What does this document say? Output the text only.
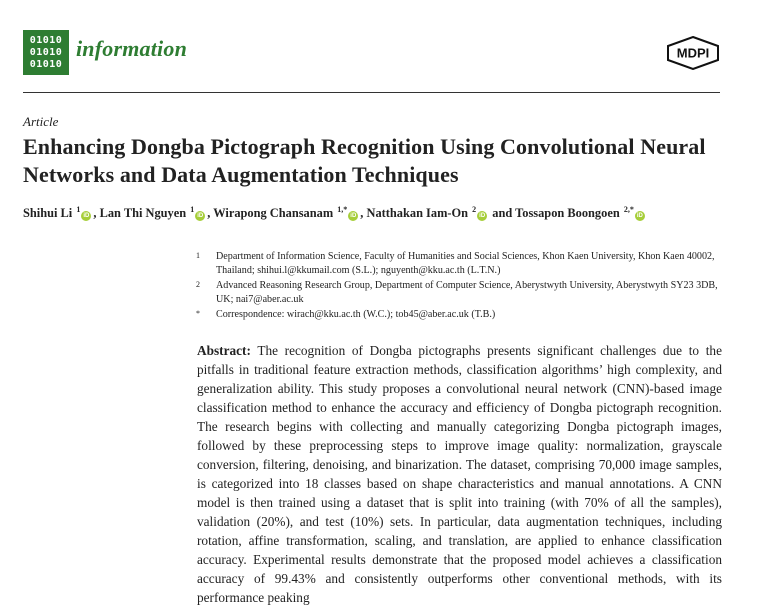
01010
01010
01010
information	MDPI
Article
Enhancing Dongba Pictograph Recognition Using Convolutional Neural Networks and Data Augmentation Techniques
Shihui Li $^1$iD , Lan Thi Nguyen $^1$iD , Wirapong Chansanam $^{1,*}$iD , Natthakan Iam-On $^2$iD and Tossapon Boongoen $^{2,*}$iD
1 Department of Information Science, Faculty of Humanities and Social Sciences, Khon Kaen University, Khon Kaen 40002, Thailand; shihui.l@kkumail.com (S.L.); nguyenth@kku.ac.th (L.T.N.)
2 Advanced Reasoning Research Group, Department of Computer Science, Aberystwyth University, Aberystwyth SY23 3DB, UK; nai7@aber.ac.uk
* Correspondence: wirach@kku.ac.th (W.C.); tob45@aber.ac.uk (T.B.)

Abstract: The recognition of Dongba pictographs presents significant challenges due to the pitfalls in traditional feature extraction methods, classification algorithms’ high complexity, and generalization ability. This study proposes a convolutional neural network (CNN)-based image classification method to enhance the accuracy and efficiency of Dongba pictograph recognition. The research begins with collecting and manually categorizing Dongba pictograph images, followed by these preprocessing steps to improve image quality: normalization, grayscale conversion, filtering, denoising, and binarization. The dataset, comprising 70,000 image samples, is categorized into 18 classes based on shape characteristics and manual annotations. A CNN model is then trained using a dataset that is split into training (with 70% of all the samples), validation (20%), and test (10%) sets. In particular, data augmentation techniques, including rotation, affine transformation, scaling, and translation, are applied to enhance classification accuracy. Experimental results demonstrate that the proposed model achieves a classification accuracy of 99.43% and consistently outperforms other conventional methods, with its performance peaking
